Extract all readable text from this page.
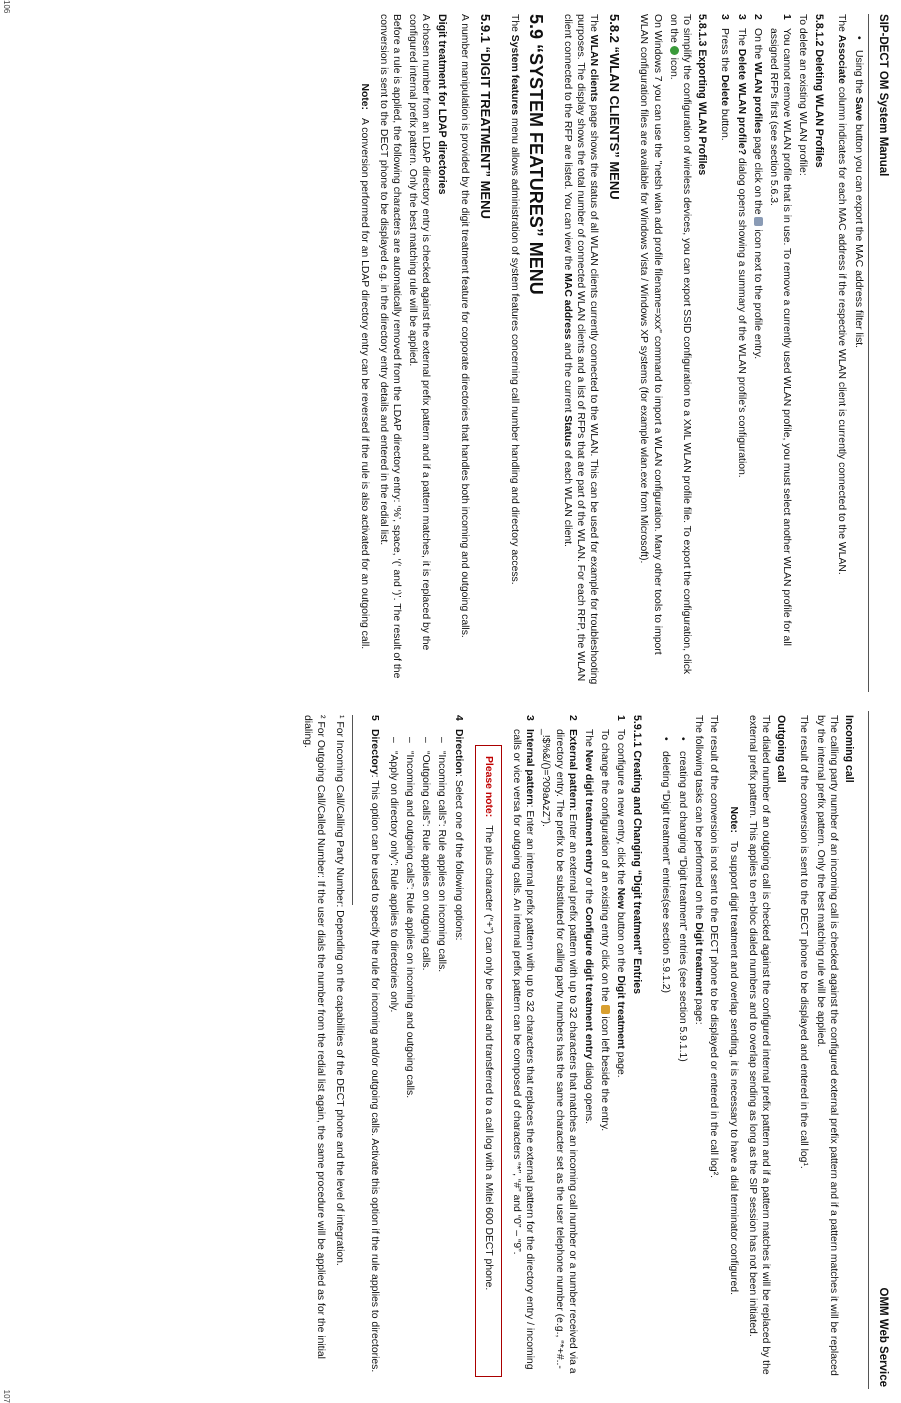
SIP-DECT OM System Manual
•
Using the Save button you can export the MAC address filter list.

The Associate column indicates for each MAC address if the respective WLAN client is currently connected to the WLAN.

5.8.1.2 Deleting WLAN Profiles

To delete an existing WLAN profile:

1
You cannot remove WLAN profile that is in use. To remove a currently used WLAN profile, you must select another WLAN profile for all assigned RFPs first (see section 5.6.3.
2
On the WLAN profiles page click on the  icon next to the profile entry.
3
The Delete WLAN profile? dialog opens showing a summary of the WLAN profile’s configuration.
3
Press the Delete button.
5.8.1.3 Exporting WLAN Profiles

To simplify the configuration of wireless devices, you can export SSID configuration to a XML WLAN profile file. To export the configuration, click on the  icon.

On Windows 7 you can use the "netsh wlan add profile filename=xxx" command to import a WLAN configuration. Many other tools to import WLAN configuration files are available for Windows Vista / Windows XP systems (for example wlan.exe from Microsoft).

5.8.2 “WLAN CLIENTS” MENU

The WLAN clients page shows the status of all WLAN clients currently connected to the WLAN. This can be used for example for troubleshooting purposes. The display shows the total number of connected WLAN clients and a list of RFPs that are part of the WLAN. For each RFP, the WLAN client connected to the RFP are listed. You can view the MAC address and the current Status of each WLAN client.

5.9 “SYSTEM FEATURES” MENU

The System features menu allows administration of system features concerning call number handling and directory access.

5.9.1 “DIGIT TREATMENT” MENU

A number manipulation is provided by the digit treatment feature for corporate directories that handles both incoming and outgoing calls.

Digit treatment for LDAP directories

A chosen number from an LDAP directory entry is checked against the external prefix pattern and if a pattern matches, it is replaced by the configured internal prefix pattern. Only the best matching rule will be applied.

Before a rule is applied, the following characters are automatically removed from the LDAP directory entry: ‘%’, space, ‘(‘ and ‘)’. The result of the conversion is sent to the DECT phone to be displayed e.g. in the directory entry details and entered in the redial list.

Note:
A conversion performed for an LDAP directory entry can be reversed if the rule is also activated for an outgoing call.
106
OMM Web Service
Incoming call

The calling party number of an incoming call is checked against the configured external prefix pattern and if a pattern matches it will be replaced by the internal prefix pattern. Only the best matching rule will be applied.

The result of the conversion is sent to the DECT phone to be displayed and entered in the call log¹.

Outgoing call

The dialed number of an outgoing call is checked against the configured internal prefix pattern and if a pattern matches it will be replaced by the external prefix pattern. This applies to en-bloc dialed numbers and to overlap sending as long as the SIP session has not been initiated.

Note:
To support digit treatment and overlap sending, it is necessary to have a dial terminator configured.

The result of the conversion is not sent to the DECT phone to be displayed or entered in the call log².

The following tasks can be performed on the Digit treatment page:

•
creating and changing “Digit treatment” entries (see section 5.9.1.1)
•
deleting “Digit treatment” entries(see section 5.9.1.2)
5.9.1.1 Creating and Changing “Digit treatment” Entries
1
To configure a new entry, click the New button on the Digit treatment page.
To change the configuration of an existing entry click on the  icon left beside the entry.
The New digit treatment entry or the Configure digit treatment entry dialog opens.
2
External pattern: Enter an external prefix pattern with up to 32 characters that matches an incoming call number or a number received via a directory entry. The prefix to be substituted for calling party numbers has the same character set as the user telephone number (e.g., “*+#..-_!$%&/()=?09aAzZ”).
3
Internal pattern: Enter an internal prefix pattern with up to 32 characters that replaces the external pattern for the directory entry / incoming calls or vice versa for outgoing calls. An internal prefix pattern can be composed of characters “*”, “#” and “0” – “9”.
Please note:
The plus character (“+”) can only be dialed and transferred to a call log with a Mitel 600 DECT phone.
4
Direction: Select one of the following options:
–
“Incoming calls”: Rule applies on incoming calls.
–
“Outgoing calls”: Rule applies on outgoing calls.
–
“Incoming and outgoing calls”: Rule applies on incoming and outgoing calls.
–
“Apply on directory only”: Rule applies to directories only.
5
Directory: This option can be used to specify the rule for incoming and/or outgoing calls. Activate this option if the rule applies to directories.

¹ For Incoming Call/Calling Party Number: Depending on the capabilities of the DECT phone and the level of integration.

² For Outgoing Call/Called Number: If the user dials the number from the redial list again, the same procedure will be applied as for the initial dialing.

107
